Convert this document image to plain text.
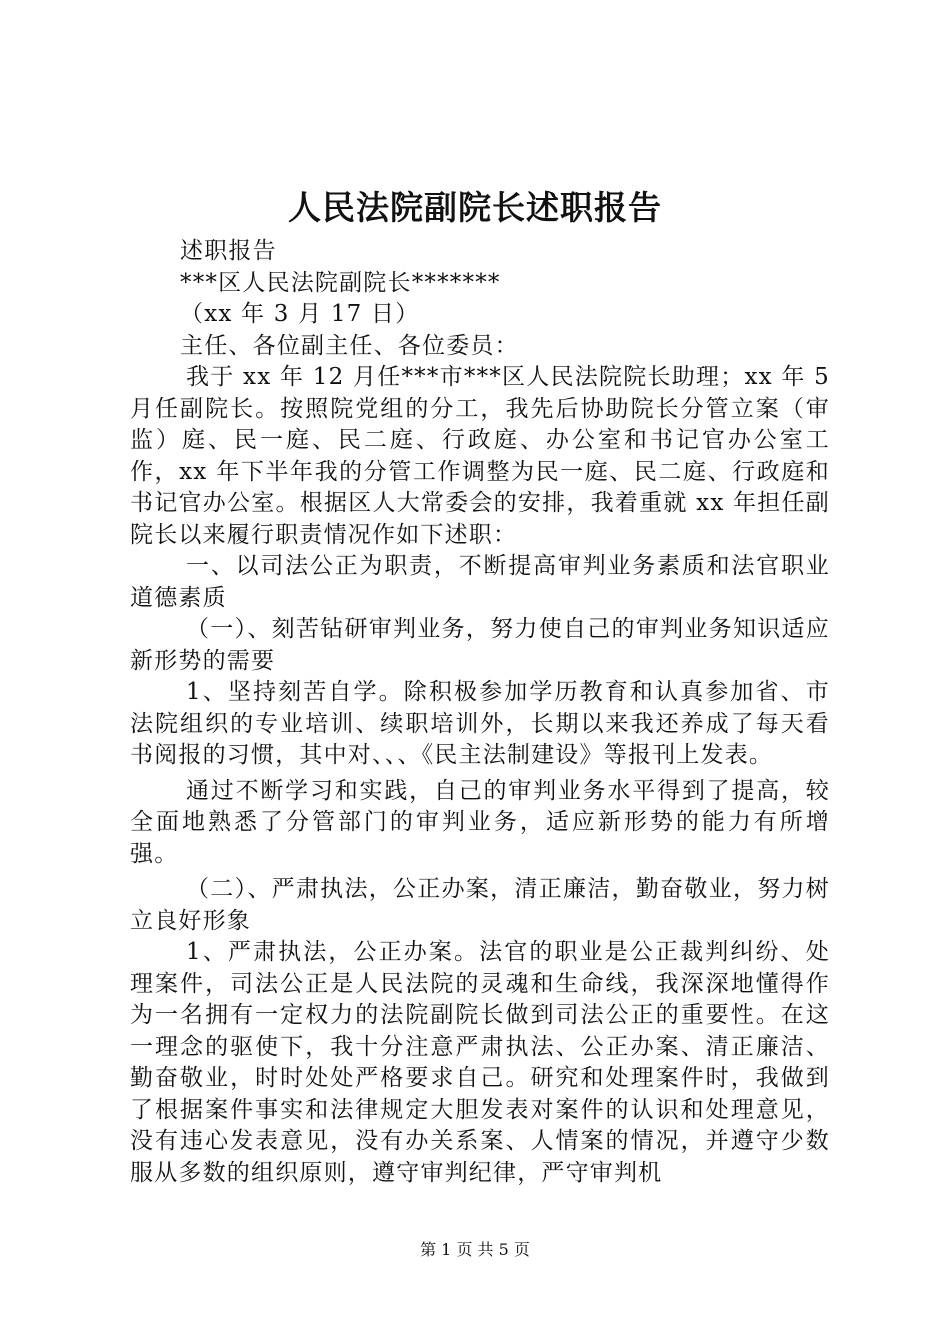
人民法院副院长述职报告

述职报告

***区人民法院副院长*******

（xx 年 3 月 17 日）

主任、各位副主任、各位委员：

我于 xx 年 12 月任***市***区人民法院院长助理；xx 年 5 月任副院长。按照院党组的分工，我先后协助院长分管立案（审监）庭、民一庭、民二庭、行政庭、办公室和书记官办公室工作，xx 年下半年我的分管工作调整为民一庭、民二庭、行政庭和书记官办公室。根据区人大常委会的安排，我着重就 xx 年担任副院长以来履行职责情况作如下述职：

一、以司法公正为职责，不断提高审判业务素质和法官职业道德素质

（一）、刻苦钻研审判业务，努力使自己的审判业务知识适应新形势的需要

1、坚持刻苦自学。除积极参加学历教育和认真参加省、市法院组织的专业培训、续职培训外，长期以来我还养成了每天看书阅报的习惯，其中对、、、《民主法制建设》等报刊上发表。

通过不断学习和实践，自己的审判业务水平得到了提高，较全面地熟悉了分管部门的审判业务，适应新形势的能力有所增强。

（二）、严肃执法，公正办案，清正廉洁，勤奋敬业，努力树立良好形象

1、严肃执法，公正办案。法官的职业是公正裁判纠纷、处理案件，司法公正是人民法院的灵魂和生命线，我深深地懂得作为一名拥有一定权力的法院副院长做到司法公正的重要性。在这一理念的驱使下，我十分注意严肃执法、公正办案、清正廉洁、勤奋敬业，时时处处严格要求自己。研究和处理案件时，我做到了根据案件事实和法律规定大胆发表对案件的认识和处理意见，没有违心发表意见，没有办关系案、人情案的情况，并遵守少数服从多数的组织原则，遵守审判纪律，严守审判机

第 1 页 共 5 页
